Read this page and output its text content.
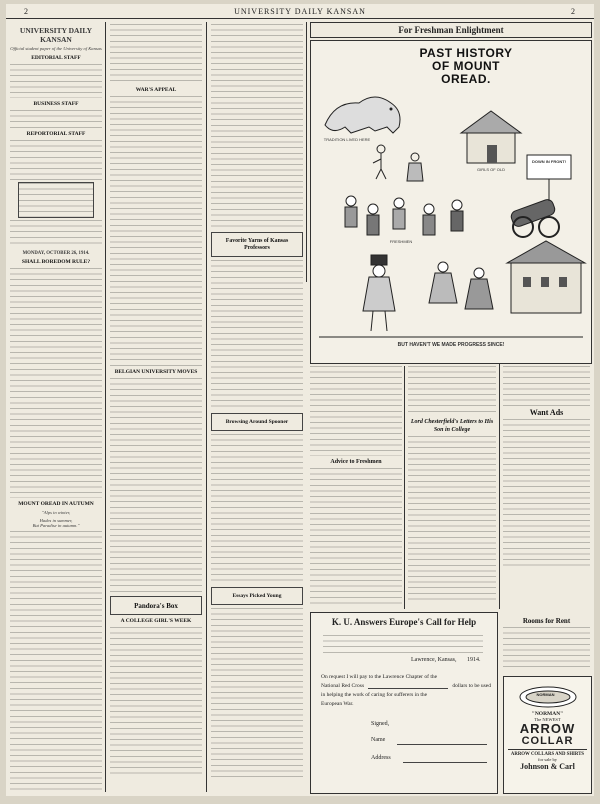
2	UNIVERSITY DAILY KANSAN	2
UNIVERSITY DAILY KANSAN
Official student paper of the University of Kansas
EDITORIAL STAFF
BUSINESS STAFF
REPORTORIAL STAFF
MONDAY, OCTOBER 26, 1914.
SHALL BOREDOM RULE?
MOUNT OREAD IN AUTUMN
"Alps in winter,
Hades in summer,
But Paradise in autumn."
WAR'S APPEAL
BELGIAN UNIVERSITY MOVES
Pandora's Box
A COLLEGE GIRL'S WEEK
Favorite Yarns of Kansas Professors
Browsing Around Spooner
Essays Picked Young
For Freshman Enlightment
PAST HISTORY
OF MOUNT
OREAD.
TRADITION LIVED HERE
GIRLS OF OLD
FRESHMEN
DOWN IN FRONT!
BUT HAVEN'T WE MADE PROGRESS SINCE!
Advice to Freshmen
Lord Chesterfield's Letters to His Son in College
Want Ads
Rooms for Rent
K. U. Answers Europe's Call for Help
Lawrence, Kansas, 1914.
On request I will pay to the Lawrence Chapter of the
National Red Cross	dollars to be used
in helping the work of caring for sufferers in the
European War.
Signed,
Name
Address
NORMAN
"NORMAN"
The NEWEST
ARROW
COLLAR
ARROW COLLARS AND SHIRTS
for sale by
Johnson & Carl
